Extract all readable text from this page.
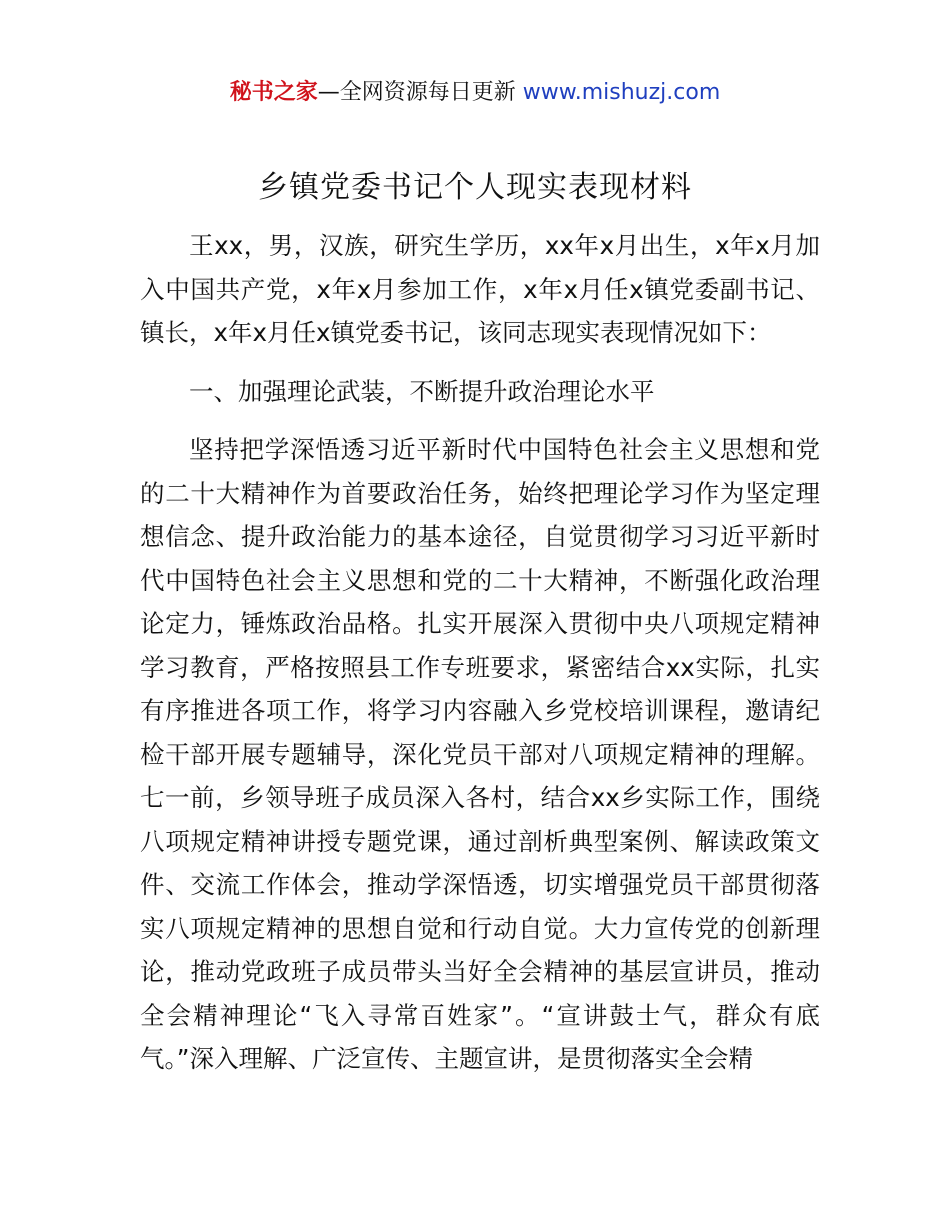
秘书之家—全网资源每日更新 www.mishuzj.com
乡镇党委书记个人现实表现材料

王xx，男，汉族，研究生学历，xx年x月出生，x年x月加入中国共产党，x年x月参加工作，x年x月任x镇党委副书记、镇长，x年x月任x镇党委书记，该同志现实表现情况如下：

一、加强理论武装，不断提升政治理论水平

坚持把学深悟透习近平新时代中国特色社会主义思想和党的二十大精神作为首要政治任务，始终把理论学习作为坚定理想信念、提升政治能力的基本途径，自觉贯彻学习习近平新时代中国特色社会主义思想和党的二十大精神，不断强化政治理论定力，锤炼政治品格。扎实开展深入贯彻中央八项规定精神学习教育，严格按照县工作专班要求，紧密结合xx实际，扎实有序推进各项工作，将学习内容融入乡党校培训课程，邀请纪检干部开展专题辅导，深化党员干部对八项规定精神的理解。七一前，乡领导班子成员深入各村，结合xx乡实际工作，围绕八项规定精神讲授专题党课，通过剖析典型案例、解读政策文件、交流工作体会，推动学深悟透，切实增强党员干部贯彻落实八项规定精神的思想自觉和行动自觉。大力宣传党的创新理论，推动党政班子成员带头当好全会精神的基层宣讲员，推动全会精神理论“飞入寻常百姓家”。“宣讲鼓士气，群众有底气。”深入理解、广泛宣传、主题宣讲，是贯彻落实全会精
